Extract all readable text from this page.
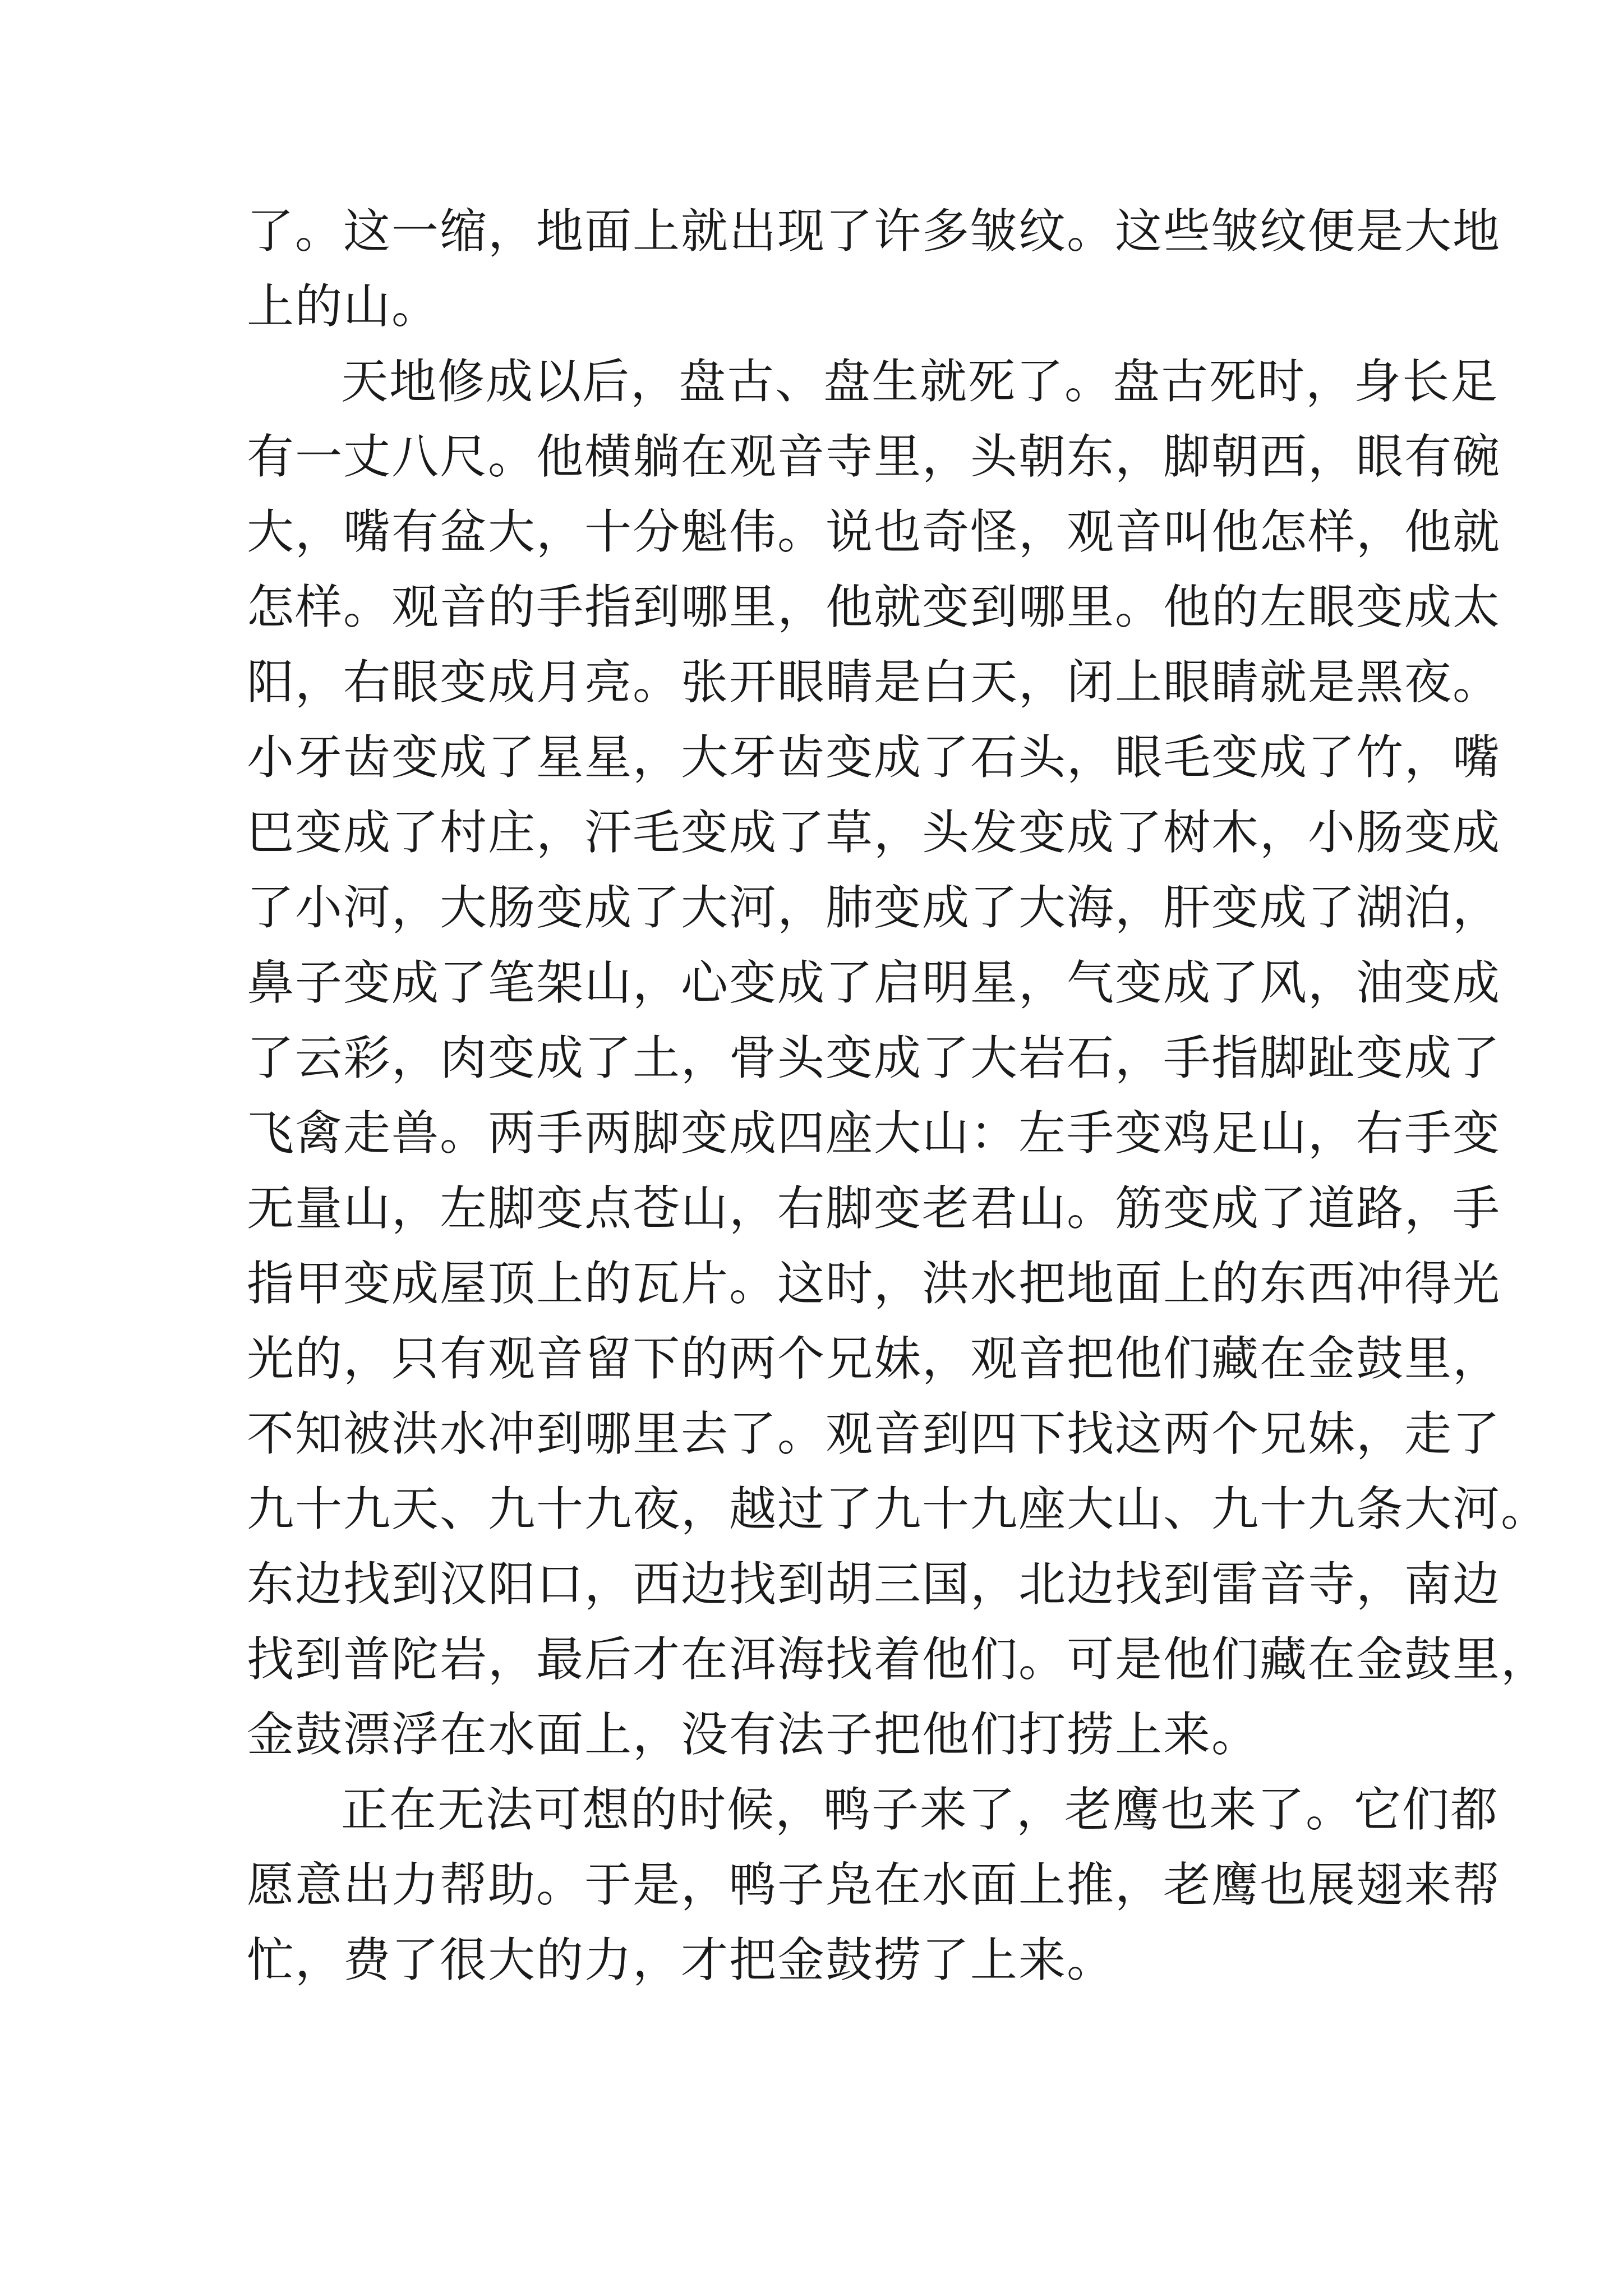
了。这一缩，地面上就出现了许多皱纹。这些皱纹便是大地
上的山。
天地修成以后，盘古、盘生就死了。盘古死时，身长足
有一丈八尺。他横躺在观音寺里，头朝东，脚朝西，眼有碗
大，嘴有盆大，十分魁伟。说也奇怪，观音叫他怎样，他就
怎样。观音的手指到哪里，他就变到哪里。他的左眼变成太
阳，右眼变成月亮。张开眼睛是白天，闭上眼睛就是黑夜。
小牙齿变成了星星，大牙齿变成了石头，眼毛变成了竹，嘴
巴变成了村庄，汗毛变成了草，头发变成了树木，小肠变成
了小河，大肠变成了大河，肺变成了大海，肝变成了湖泊，
鼻子变成了笔架山，心变成了启明星，气变成了风，油变成
了云彩，肉变成了土，骨头变成了大岩石，手指脚趾变成了
飞禽走兽。两手两脚变成四座大山：左手变鸡足山，右手变
无量山，左脚变点苍山，右脚变老君山。筋变成了道路，手
指甲变成屋顶上的瓦片。这时，洪水把地面上的东西冲得光
光的，只有观音留下的两个兄妹，观音把他们藏在金鼓里，
不知被洪水冲到哪里去了。观音到四下找这两个兄妹，走了
九十九天、九十九夜，越过了九十九座大山、九十九条大河。
东边找到汉阳口，西边找到胡三国，北边找到雷音寺，南边
找到普陀岩，最后才在洱海找着他们。可是他们藏在金鼓里，
金鼓漂浮在水面上，没有法子把他们打捞上来。
正在无法可想的时候，鸭子来了，老鹰也来了。它们都
愿意出力帮助。于是，鸭子凫在水面上推，老鹰也展翅来帮
忙，费了很大的力，才把金鼓捞了上来。
